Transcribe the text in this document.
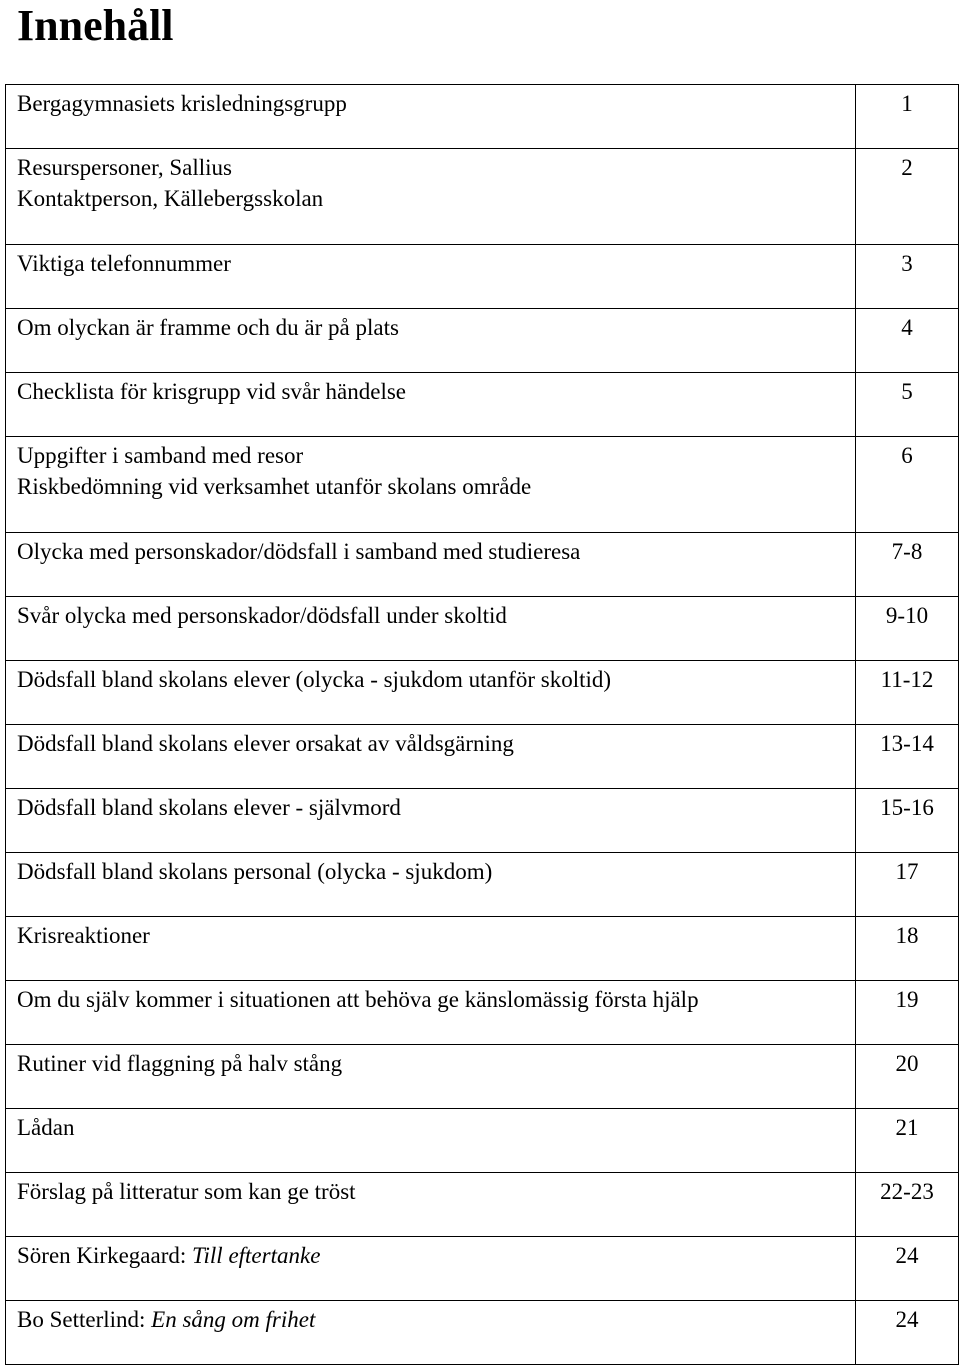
Innehåll
Bergagymnasiets krisledningsgrupp	1

Resurspersoner, Sallius
Kontaktperson, Källebergsskolan	2

Viktiga telefonnummer	3

Om olyckan är framme och du är på plats	4

Checklista för krisgrupp vid svår händelse	5

Uppgifter i samband med resor
Riskbedömning vid verksamhet utanför skolans område	6

Olycka med personskador/dödsfall i samband med studieresa	7-8

Svår olycka med personskador/dödsfall under skoltid	9-10

Dödsfall bland skolans elever (olycka - sjukdom utanför skoltid)	11-12

Dödsfall bland skolans elever orsakat av våldsgärning	13-14

Dödsfall bland skolans elever - självmord	15-16

Dödsfall bland skolans personal (olycka - sjukdom)	17

Krisreaktioner	18

Om du själv kommer i situationen att behöva ge känslomässig första hjälp	19

Rutiner vid flaggning på halv stång	20

Lådan	21

Förslag på litteratur som kan ge tröst	22-23

Sören Kirkegaard: Till eftertanke	24

Bo Setterlind: En sång om frihet	24
